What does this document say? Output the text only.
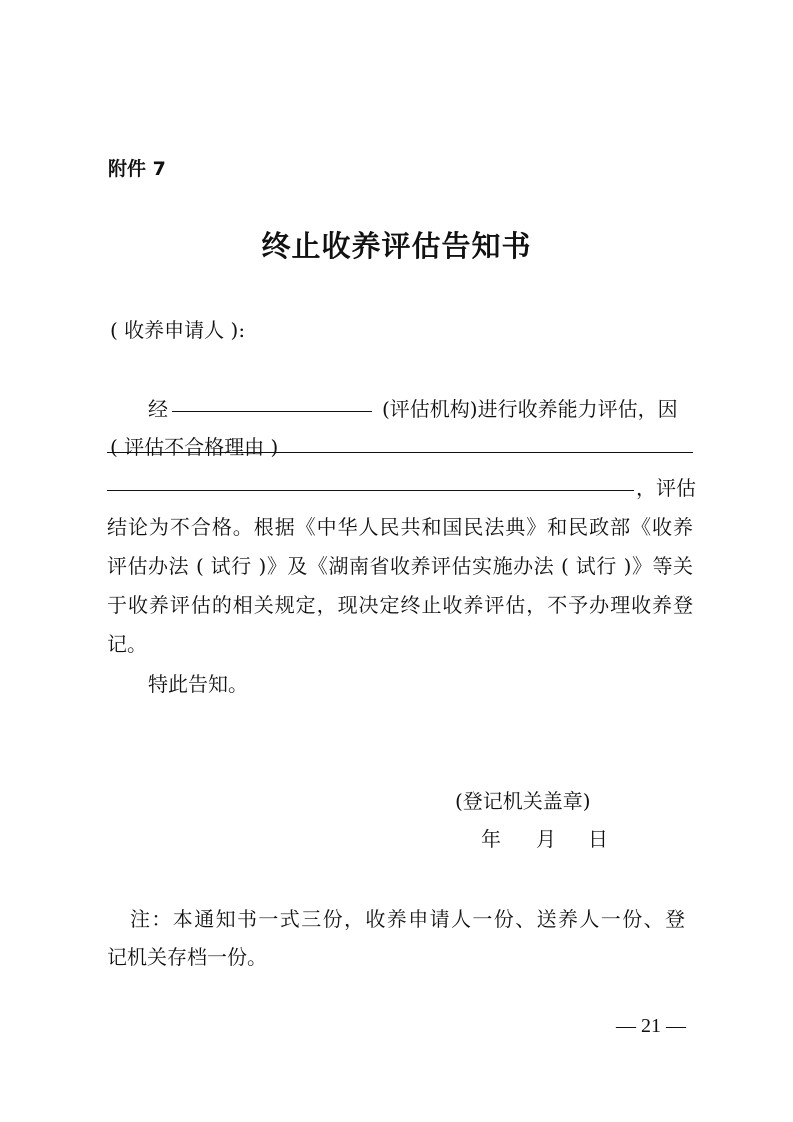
附件 7
终止收养评估告知书
( 收养申请人 ):
经	(评估机构)进行收养能力评估，因
( 评估不合格理由 )
，评估
结论为不合格。根据《中华人民共和国民法典》和民政部《收养
评估办法 ( 试行 )》及《湖南省收养评估实施办法 ( 试行 )》等关
于收养评估的相关规定，现决定终止收养评估，不予办理收养登
记。
特此告知。
(登记机关盖章)
年 月 日
注：本通知书一式三份，收养申请人一份、送养人一份、登
记机关存档一份。
— 21 —
